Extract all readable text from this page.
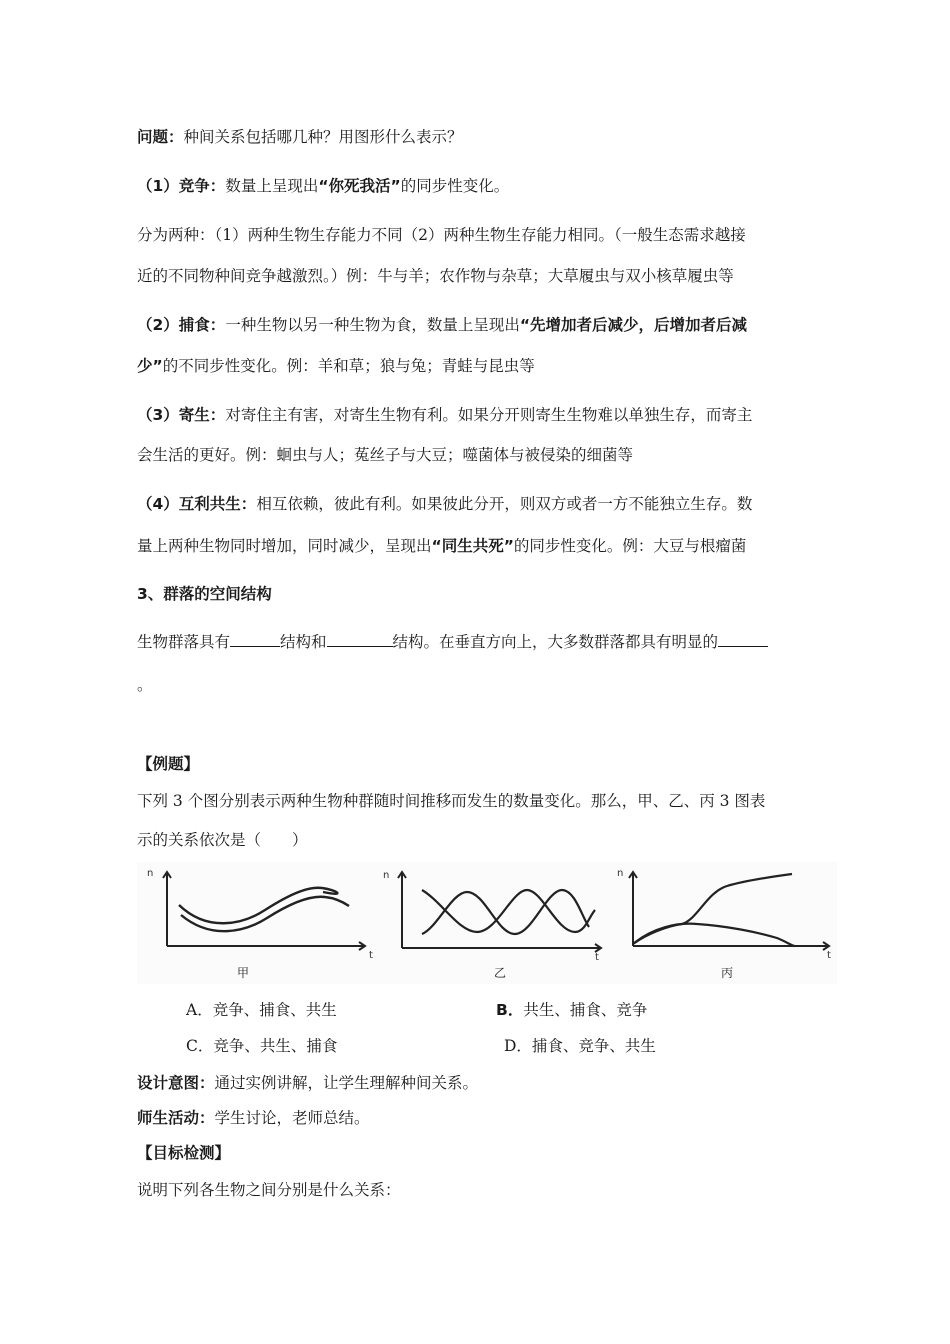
问题：种间关系包括哪几种？用图形什么表示？
（1）竞争：数量上呈现出“你死我活”的同步性变化。
分为两种：（1）两种生物生存能力不同（2）两种生物生存能力相同。（一般生态需求越接
近的不同物种间竞争越激烈。）例：牛与羊；农作物与杂草；大草履虫与双小核草履虫等
（2）捕食：一种生物以另一种生物为食，数量上呈现出“先增加者后减少，后增加者后减
少”的不同步性变化。例：羊和草；狼与兔；青蛙与昆虫等
（3）寄生：对寄住主有害，对寄生生物有利。如果分开则寄生生物难以单独生存，而寄主
会生活的更好。例：蛔虫与人；菟丝子与大豆；噬菌体与被侵染的细菌等
（4）互利共生：相互依赖，彼此有利。如果彼此分开，则双方或者一方不能独立生存。数
量上两种生物同时增加，同时减少，呈现出“同生共死”的同步性变化。例：大豆与根瘤菌
3、群落的空间结构
生物群落具有	结构和	结构。在垂直方向上，大多数群落都具有明显的
。
【例题】
下列 3 个图分别表示两种生物种群随时间推移而发生的数量变化。那么，甲、乙、丙 3 图表
示的关系依次是（　　）
n
t
甲
n
t
乙
n
t
丙
A．竞争、捕食、共生	B．共生、捕食、竞争
C．竞争、共生、捕食	D．捕食、竞争、共生
设计意图：通过实例讲解，让学生理解种间关系。
师生活动：学生讨论，老师总结。
【目标检测】
说明下列各生物之间分别是什么关系：
